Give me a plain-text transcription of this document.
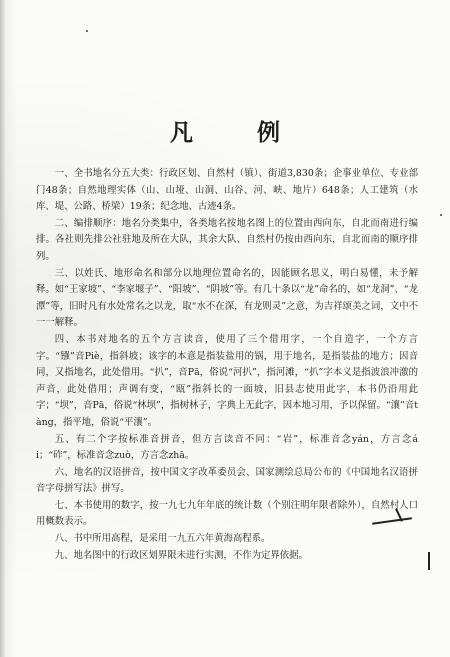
凡 例

一、全书地名分五大类：行政区划、自然村（镇）、街道3,830条；企事业单位、专业部门48条；自然地理实体（山、山垭、山洞、山谷、河、峡、地片）648条；人工建筑（水库、堤、公路、桥梁）19条；纪念地、古迹4条。

二、编排顺序：地名分类集中，各类地名按地名图上的位置由西向东，自北而南进行编排。各社则先排公社驻地及所在大队，其余大队、自然村仍按由西向东，自北而南的顺序排列。

三、以姓氏、地形命名和部分以地理位置命名的，因能顾名思义，明白易懂，未予解释。如“王家坡”、“李家堰子”、“阳坡”、“阴坡”等。有几十条以“龙”命名的，如“龙洞”、“龙潭”等，旧时凡有水处常名之以龙，取“水不在深，有龙则灵”之意，为吉祥颂美之词，文中不一一解释。

四、本书对地名的五个方言读音，使用了三个借用字，一个自造字，一个方言字。“镪”音Piè，指斜坡；该字的本意是指装盐用的锅，用于地名，是指装盐的地方；因音同，又指地名，此处借用。“扒”，音Pā，俗说“河扒”，指河滩，“扒”字本义是指波浪冲激的声音，此处借用；声调有变，“瓯”指斜长的一面坡，旧县志使用此字，本书仍沿用此字；“坝”，音Pā，俗说“林坝”，指树林子，字典上无此字，因本地习用，予以保留。“瀼”音tàng，指平地，俗说“平瀼”。

五、有二个字按标准音拼音，但方言读音不同：“岩”，标准音念yán，方言念ái；“砟”，标准音念zuò，方言念zhā。

六、地名的汉语拼音，按中国文字改革委员会、国家测绘总局公布的《中国地名汉语拼音字母拼写法》拼写。

七、本书使用的数字，按一九七九年年底的统计数（个别注明年限者除外），自然村人口用概数表示。

八、书中所用高程，是采用一九五六年黄海高程系。

九、地名图中的行政区划界限未进行实测，不作为定界依据。
